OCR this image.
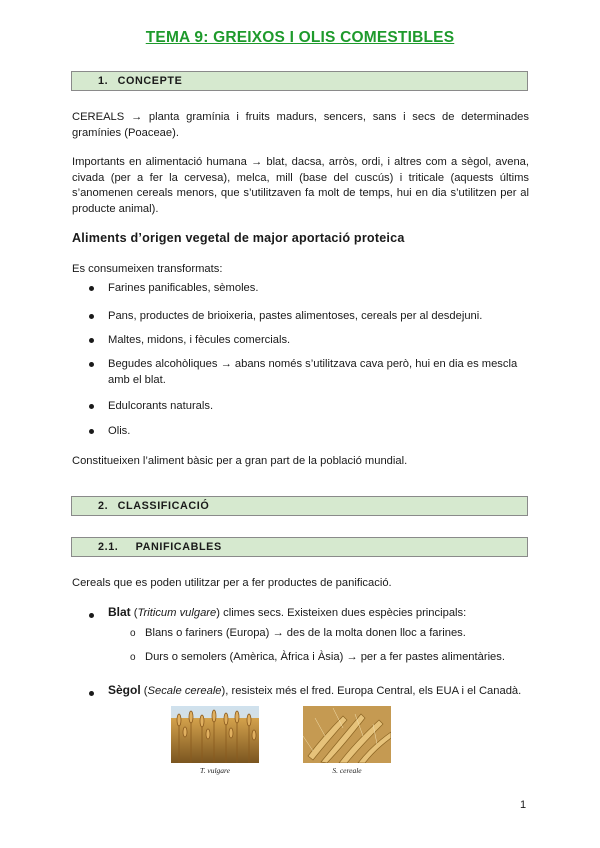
TEMA 9: GREIXOS I OLIS COMESTIBLES
1. CONCEPTE
CEREALS → planta gramínia i fruits madurs, sencers, sans i secs de determinades gramínies (Poaceae).
Importants en alimentació humana → blat, dacsa, arròs, ordi, i altres com a sègol, avena, civada (per a fer la cervesa), melca, mill (base del cuscús) i triticale (aquests últims s’anomenen cereals menors, que s’utilitzaven fa molt de temps, hui en dia s’utilitzen per al producte animal).
Aliments d’origen vegetal de major aportació proteica
Es consumeixen transformats:
Farines panificables, sèmoles.
Pans, productes de brioixeria, pastes alimentoses, cereals per al desdejuni.
Maltes, midons, i fècules comercials.
Begudes alcohòliques → abans només s’utilitzava cava però, hui en dia es mescla amb el blat.
Edulcorants naturals.
Olis.
Constitueixen l’aliment bàsic per a gran part de la població mundial.
2. CLASSIFICACIÓ
2.1. PANIFICABLES
Cereals que es poden utilitzar per a fer productes de panificació.
Blat (Triticum vulgare) climes secs. Existeixen dues espècies principals:
o Blans o fariners (Europa) → des de la molta donen lloc a farines.
o Durs o semolers (Amèrica, Àfrica i Àsia) → per a fer pastes alimentàries.
Sègol (Secale cereale), resisteix més el fred. Europa Central, els EUA i el Canadà.
T. vulgare	S. cereale
1
